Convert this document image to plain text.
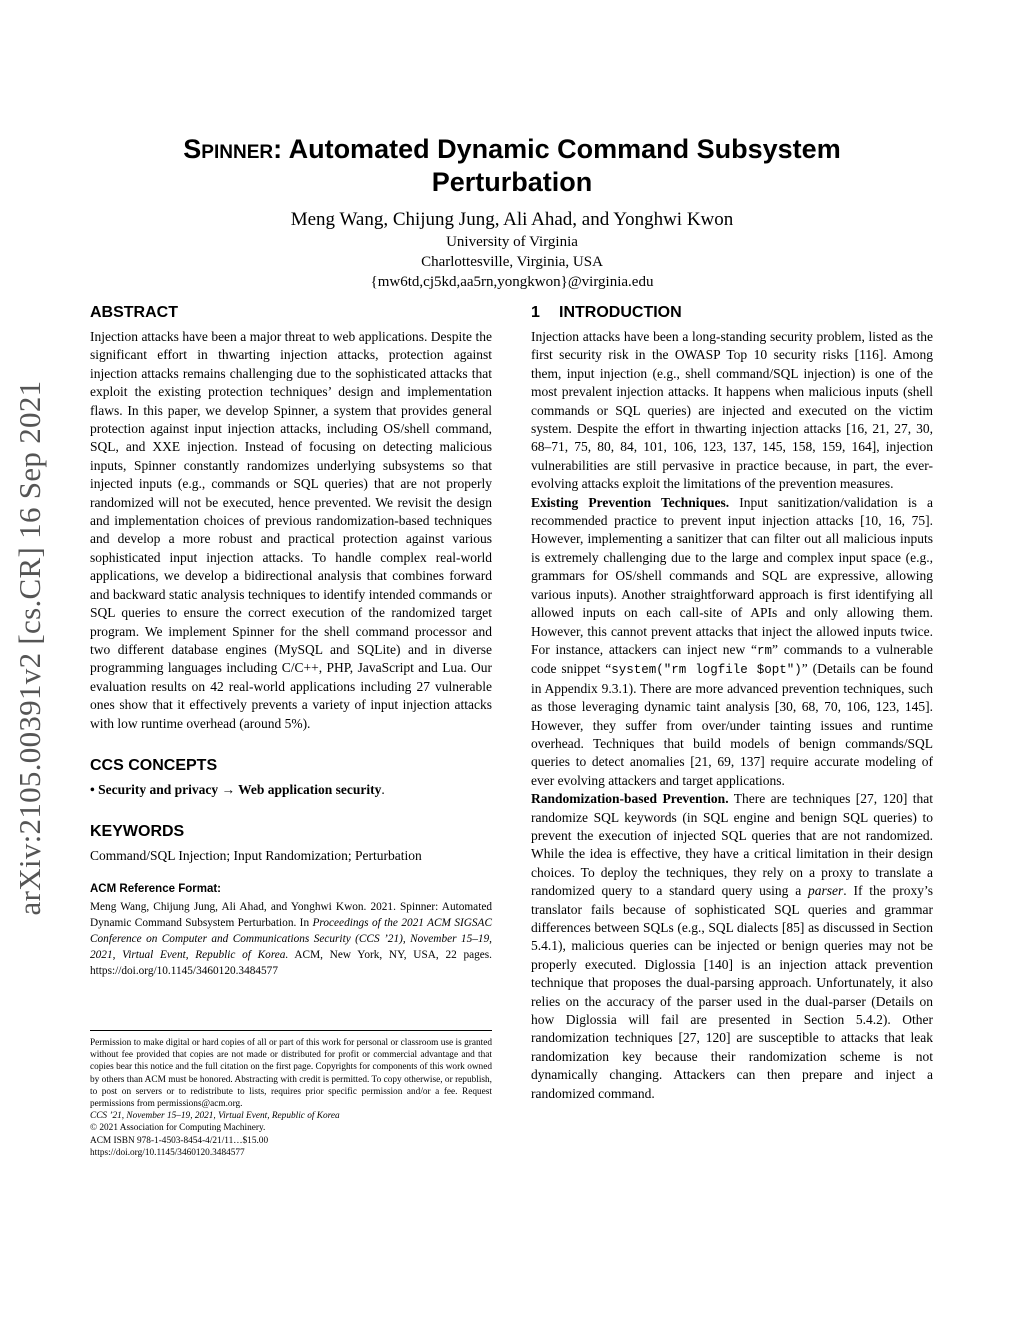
arXiv:2105.00391v2 [cs.CR] 16 Sep 2021
Spinner: Automated Dynamic Command Subsystem
Perturbation
Meng Wang, Chijung Jung, Ali Ahad, and Yonghwi Kwon
University of Virginia
Charlottesville, Virginia, USA
{mw6td,cj5kd,aa5rn,yongkwon}@virginia.edu
ABSTRACT

Injection attacks have been a major threat to web applications. Despite the significant effort in thwarting injection attacks, protection against injection attacks remains challenging due to the sophisticated attacks that exploit the existing protection techniques’ design and implementation flaws. In this paper, we develop Spinner, a system that provides general protection against input injection attacks, including OS/shell command, SQL, and XXE injection. Instead of focusing on detecting malicious inputs, Spinner constantly randomizes underlying subsystems so that injected inputs (e.g., commands or SQL queries) that are not properly randomized will not be executed, hence prevented. We revisit the design and implementation choices of previous randomization-based techniques and develop a more robust and practical protection against various sophisticated input injection attacks. To handle complex real-world applications, we develop a bidirectional analysis that combines forward and backward static analysis techniques to identify intended commands or SQL queries to ensure the correct execution of the randomized target program. We implement Spinner for the shell command processor and two different database engines (MySQL and SQLite) and in diverse programming languages including C/C++, PHP, JavaScript and Lua. Our evaluation results on 42 real-world applications including 27 vulnerable ones show that it effectively prevents a variety of input injection attacks with low runtime overhead (around 5%).

CCS CONCEPTS

• Security and privacy → Web application security.

KEYWORDS

Command/SQL Injection; Input Randomization; Perturbation

ACM Reference Format:

Meng Wang, Chijung Jung, Ali Ahad, and Yonghwi Kwon. 2021. Spinner: Automated Dynamic Command Subsystem Perturbation. In Proceedings of the 2021 ACM SIGSAC Conference on Computer and Communications Security (CCS ’21), November 15–19, 2021, Virtual Event, Republic of Korea. ACM, New York, NY, USA, 22 pages. https://doi.org/10.1145/3460120.3484577

Permission to make digital or hard copies of all or part of this work for personal or classroom use is granted without fee provided that copies are not made or distributed for profit or commercial advantage and that copies bear this notice and the full citation on the first page. Copyrights for components of this work owned by others than ACM must be honored. Abstracting with credit is permitted. To copy otherwise, or republish, to post on servers or to redistribute to lists, requires prior specific permission and/or a fee. Request permissions from permissions@acm.org.
CCS ’21, November 15–19, 2021, Virtual Event, Republic of Korea
© 2021 Association for Computing Machinery.
ACM ISBN 978-1-4503-8454-4/21/11…$15.00
https://doi.org/10.1145/3460120.3484577
1 INTRODUCTION

Injection attacks have been a long-standing security problem, listed as the first security risk in the OWASP Top 10 security risks [116]. Among them, input injection (e.g., shell command/SQL injection) is one of the most prevalent injection attacks. It happens when malicious inputs (shell commands or SQL queries) are injected and executed on the victim system. Despite the effort in thwarting injection attacks [16, 21, 27, 30, 68–71, 75, 80, 84, 101, 106, 123, 137, 145, 158, 159, 164], injection vulnerabilities are still pervasive in practice because, in part, the ever-evolving attacks exploit the limitations of the prevention measures.

Existing Prevention Techniques. Input sanitization/validation is a recommended practice to prevent input injection attacks [10, 16, 75]. However, implementing a sanitizer that can filter out all malicious inputs is extremely challenging due to the large and complex input space (e.g., grammars for OS/shell commands and SQL are expressive, allowing various inputs). Another straightforward approach is first identifying all allowed inputs on each call-site of APIs and only allowing them. However, this cannot prevent attacks that inject the allowed inputs twice. For instance, attackers can inject new “rm” commands to a vulnerable code snippet “system("rm logfile $opt")” (Details can be found in Appendix 9.3.1). There are more advanced prevention techniques, such as those leveraging dynamic taint analysis [30, 68, 70, 106, 123, 145]. However, they suffer from over/under tainting issues and runtime overhead. Techniques that build models of benign commands/SQL queries to detect anomalies [21, 69, 137] require accurate modeling of ever evolving attackers and target applications.

Randomization-based Prevention. There are techniques [27, 120] that randomize SQL keywords (in SQL engine and benign SQL queries) to prevent the execution of injected SQL queries that are not randomized. While the idea is effective, they have a critical limitation in their design choices. To deploy the techniques, they rely on a proxy to translate a randomized query to a standard query using a parser. If the proxy’s translator fails because of sophisticated SQL queries and grammar differences between SQLs (e.g., SQL dialects [85] as discussed in Section 5.4.1), malicious queries can be injected or benign queries may not be properly executed. Diglossia [140] is an injection attack prevention technique that proposes the dual-parsing approach. Unfortunately, it also relies on the accuracy of the parser used in the dual-parser (Details on how Diglossia will fail are presented in Section 5.4.2). Other randomization techniques [27, 120] are susceptible to attacks that leak randomization key because their randomization scheme is not dynamically changing. Attackers can then prepare and inject a randomized command.
